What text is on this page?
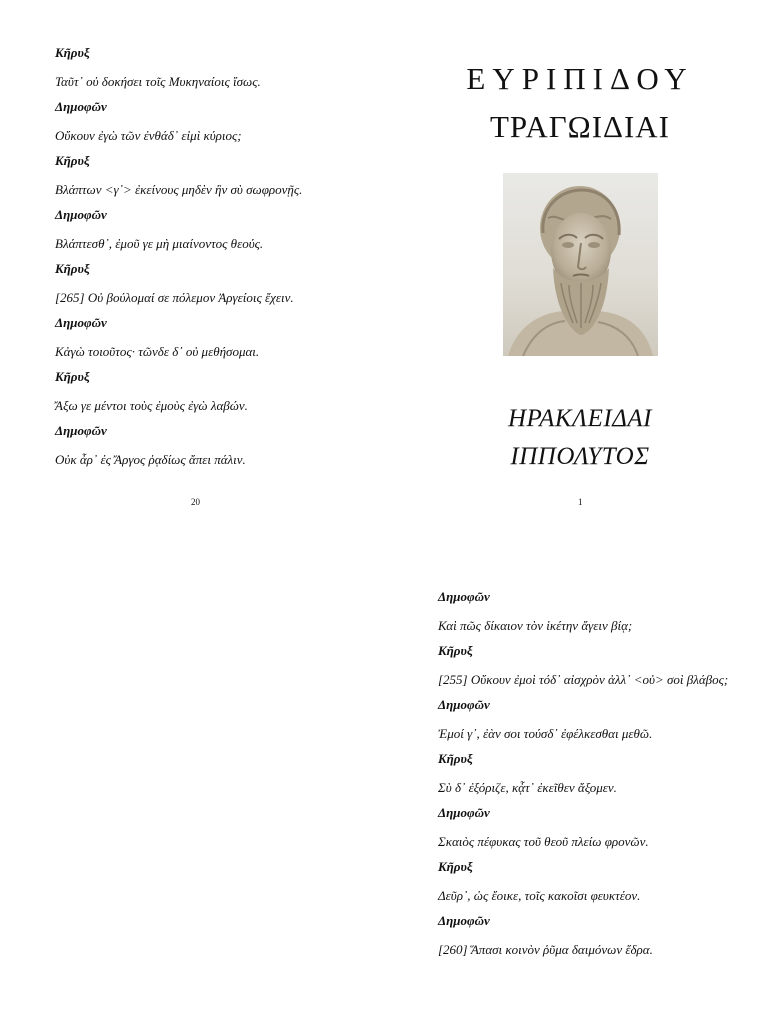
Κῆρυξ
Ταῦτ᾽ οὐ δοκήσει τοῖς Μυκηναίοις ἴσως.
Δημοφῶν
Οὔκουν ἐγὼ τῶν ἐνθάδ᾽ εἰμὶ κύριος;
Κῆρυξ
Βλάπτων <γ᾽> ἐκείνους μηδὲν ἢν σὺ σωφρονῇς.
Δημοφῶν
Βλάπτεσθ᾽, ἐμοῦ γε μὴ μιαίνοντος θεούς.
Κῆρυξ
[265] Οὐ βούλομαί σε πόλεμον Ἀργείοις ἔχειν.
Δημοφῶν
Κἀγὼ τοιοῦτος· τῶνδε δ᾽ οὐ μεθήσομαι.
Κῆρυξ
Ἄξω γε μέντοι τοὺς ἐμοὺς ἐγὼ λαβών.
Δημοφῶν
Οὐκ ἆρ᾽ ἐς Ἄργος ῥᾳδίως ἄπει πάλιν.
20
ΕΥΡΙΠΙΔΟΥ
ΤΡΑΓΩΙΔΙΑΙ
ΗΡΑΚΛΕΙΔΑΙ
ΙΠΠΟΛΥΤΟΣ
1
Δημοφῶν
Καὶ πῶς δίκαιον τὸν ἱκέτην ἄγειν βίᾳ;
Κῆρυξ
[255] Οὔκουν ἐμοὶ τόδ᾽ αἰσχρὸν ἀλλ᾽ <οὐ> σοὶ βλάβος;
Δημοφῶν
Ἐμοί γ᾽, ἐὰν σοι τούσδ᾽ ἐφέλκεσθαι μεθῶ.
Κῆρυξ
Σὺ δ᾽ ἐξόριζε, κᾆτ᾽ ἐκεῖθεν ἄξομεν.
Δημοφῶν
Σκαιὸς πέφυκας τοῦ θεοῦ πλείω φρονῶν.
Κῆρυξ
Δεῦρ᾽, ὡς ἔοικε, τοῖς κακοῖσι φευκτέον.
Δημοφῶν
[260] Ἅπασι κοινὸν ῥῦμα δαιμόνων ἕδρα.
